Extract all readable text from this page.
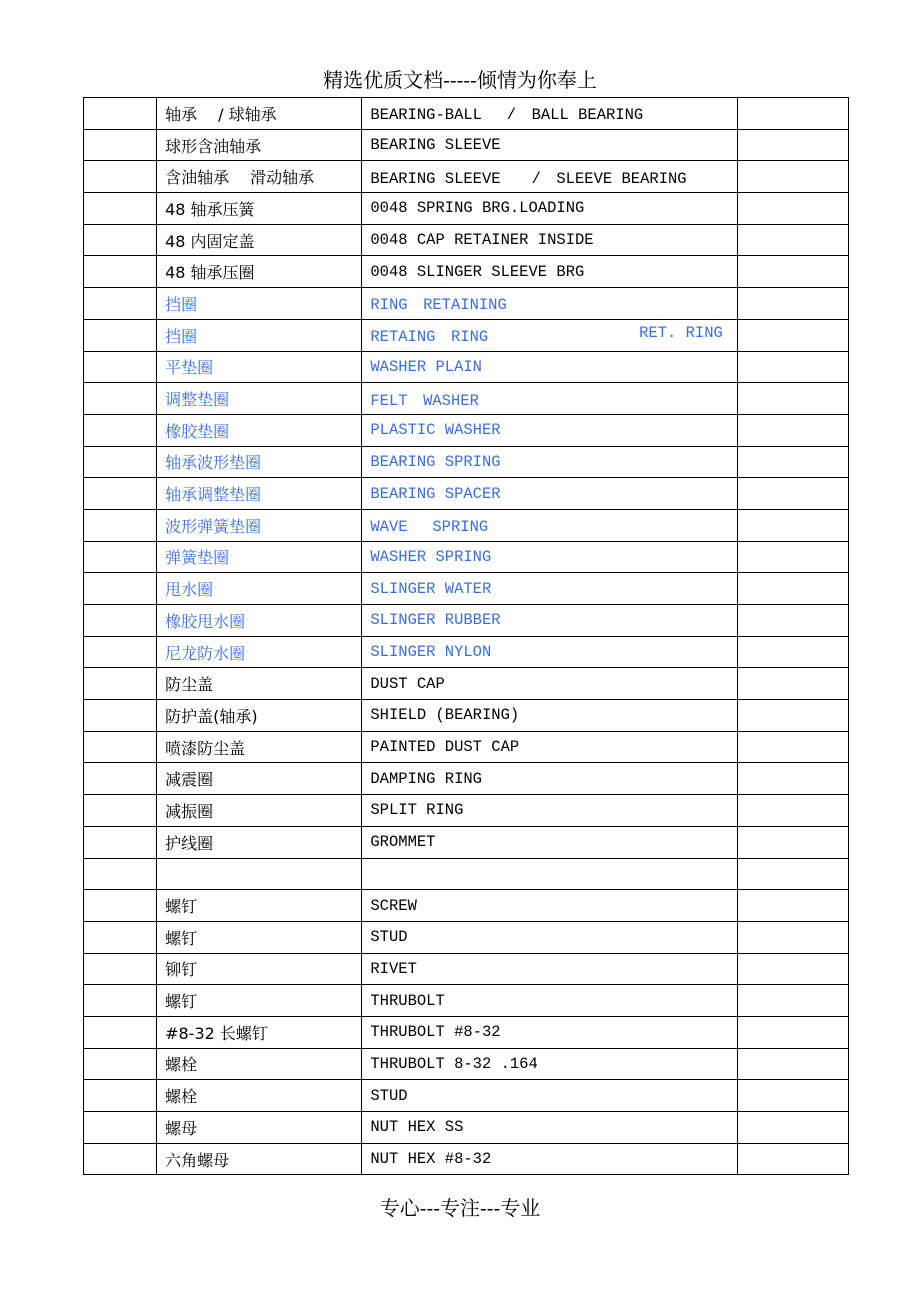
精选优质文档-----倾情为你奉上
	轴承　 / 球轴承	BEARING-BALL　 /　BALL BEARING	
	球形含油轴承	BEARING SLEEVE	
	含油轴承　 滑动轴承	BEARING SLEEVE　　/　SLEEVE BEARING	
	48 轴承压簧	0048 SPRING BRG.LOADING	
	48 内固定盖	0048 CAP RETAINER INSIDE	
	48 轴承压圈	0048 SLINGER SLEEVE BRG	
	挡圈	RING　RETAINING	
	挡圈	RETAING　RING RET. RING	

	平垫圈	WASHER PLAIN	
	调整垫圈	FELT　WASHER	
	橡胶垫圈	PLASTIC WASHER	
	轴承波形垫圈	BEARING SPRING	
	轴承调整垫圈	BEARING SPACER	
	波形弹簧垫圈	WAVE　 SPRING	
	弹簧垫圈	WASHER SPRING	
	甩水圈	SLINGER WATER	
	橡胶甩水圈	SLINGER RUBBER	
	尼龙防水圈	SLINGER NYLON	
	防尘盖	DUST CAP	
	防护盖(轴承)	SHIELD (BEARING)	
	喷漆防尘盖	PAINTED DUST CAP	
	减震圈	DAMPING RING	
	减振圈	SPLIT RING	
	护线圈	GROMMET	

	螺钉	SCREW	
	螺钉	STUD	
	铆钉	RIVET	
	螺钉	THRUBOLT	
	#8-32 长螺钉	THRUBOLT #8-32	
	螺栓	THRUBOLT 8-32 .164	
	螺栓	STUD	
	螺母	NUT HEX SS	
	六角螺母	NUT HEX #8-32	
专心---专注---专业
